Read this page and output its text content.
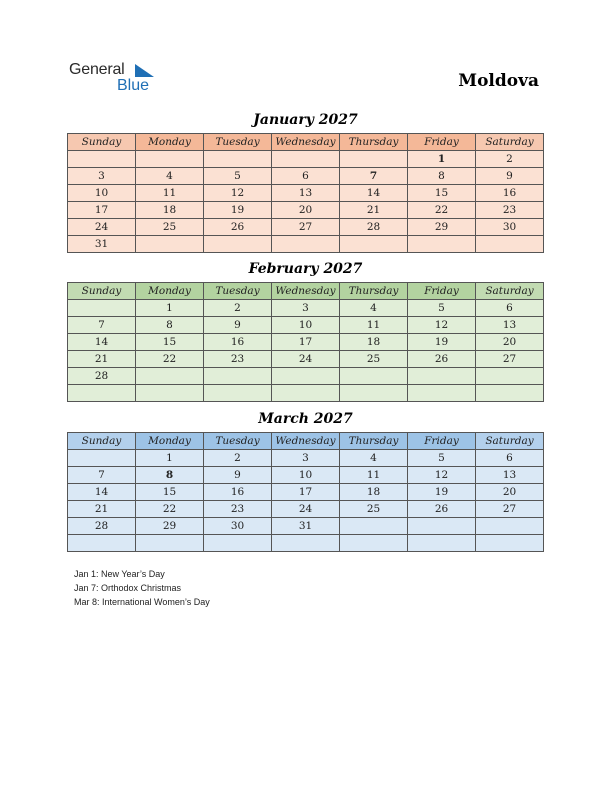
General
Blue	Moldova
January 2027
Sunday	Monday	Tuesday	Wednesday	Thursday	Friday	Saturday
					1	2
3	4	5	6	7	8	9
10	11	12	13	14	15	16
17	18	19	20	21	22	23
24	25	26	27	28	29	30
31						
February 2027
Sunday	Monday	Tuesday	Wednesday	Thursday	Friday	Saturday
	1	2	3	4	5	6
7	8	9	10	11	12	13
14	15	16	17	18	19	20
21	22	23	24	25	26	27
28						

March 2027
Sunday	Monday	Tuesday	Wednesday	Thursday	Friday	Saturday
	1	2	3	4	5	6
7	8	9	10	11	12	13
14	15	16	17	18	19	20
21	22	23	24	25	26	27
28	29	30	31			

Jan 1: New Year’s Day
Jan 7: Orthodox Christmas
Mar 8: International Women’s Day
